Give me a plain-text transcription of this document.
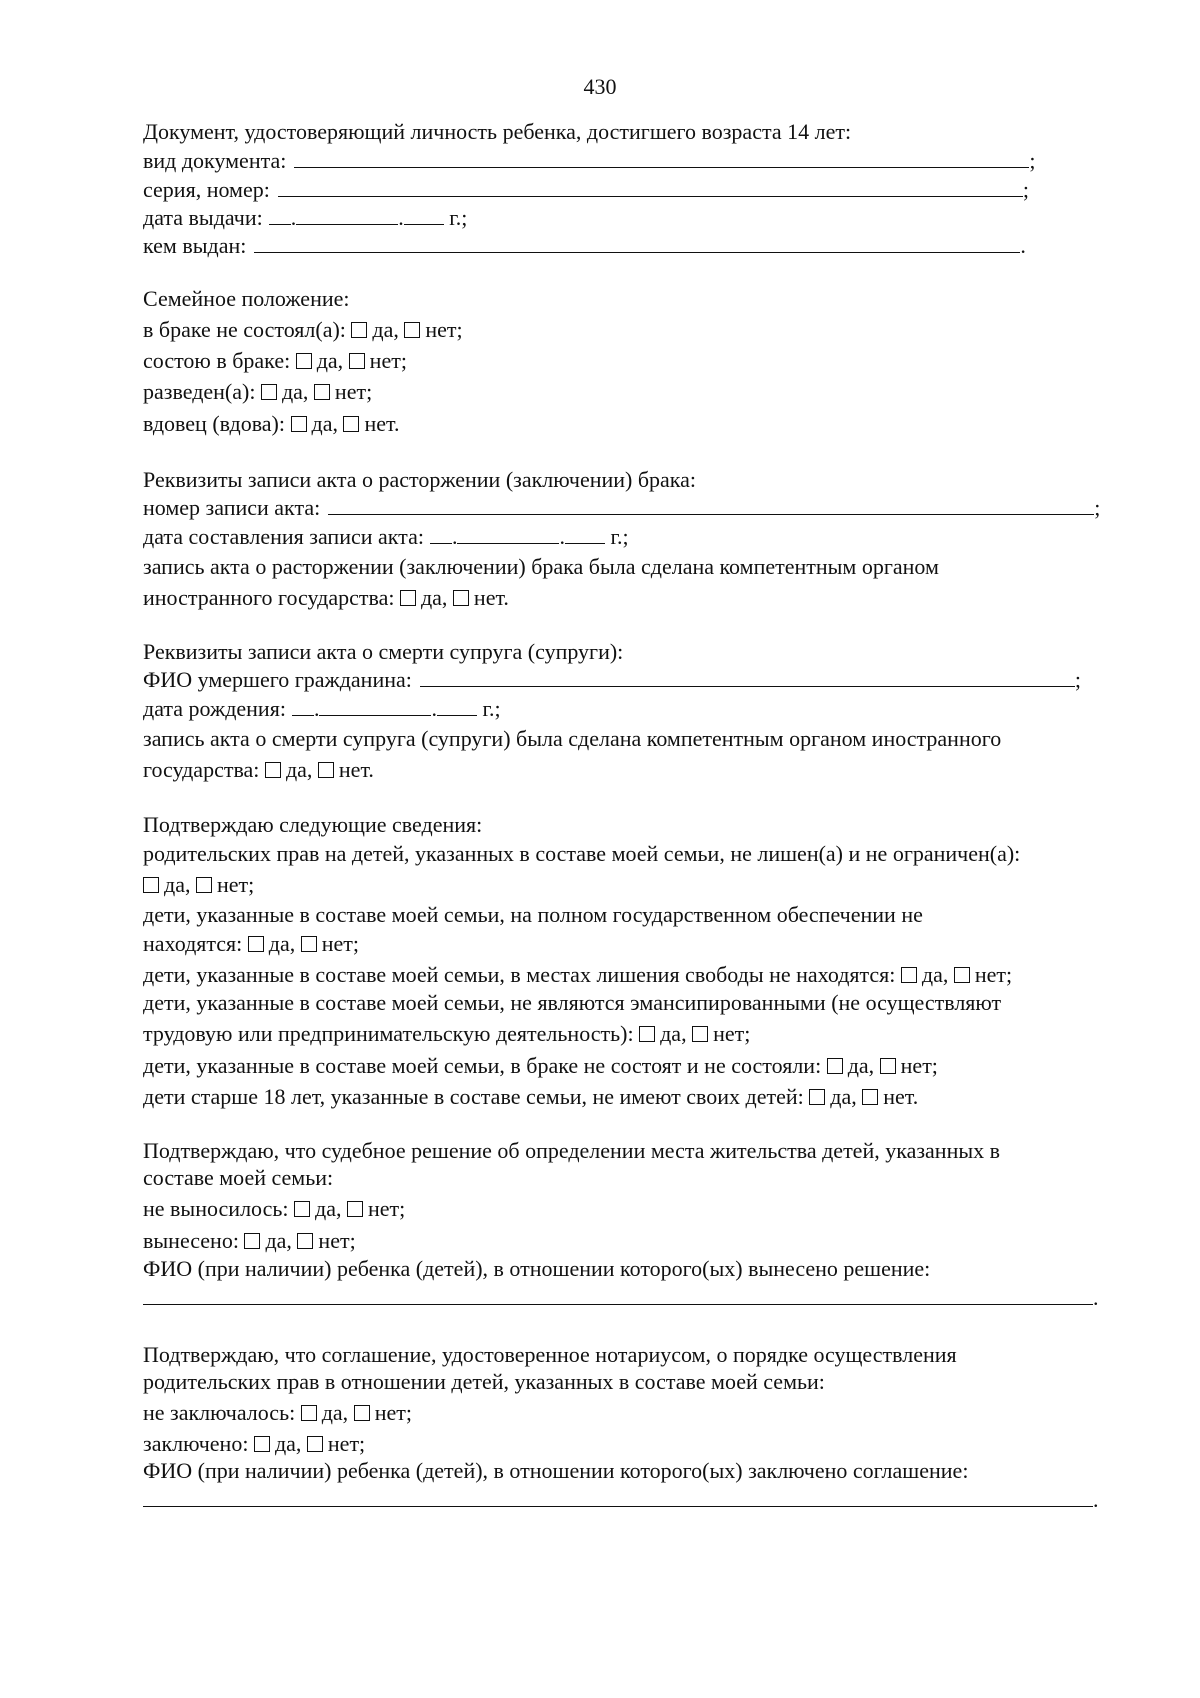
430
Документ, удостоверяющий личность ребенка, достигшего возраста 14 лет:
вид документа:	;
серия, номер:	;
дата выдачи: .	. г.;
кем выдан:	.
Семейное положение:
в браке не состоял(а): да, нет;
состою в браке: да, нет;
разведен(а): да, нет;
вдовец (вдова): да, нет.
Реквизиты записи акта о расторжении (заключении) брака:
номер записи акта:	;
дата составления записи акта: .	. г.;
запись акта о расторжении (заключении) брака была сделана компетентным органом
иностранного государства: да, нет.
Реквизиты записи акта о смерти супруга (супруги):
ФИО умершего гражданина:	;
дата рождения: .	. г.;
запись акта о смерти супруга (супруги) была сделана компетентным органом иностранного
государства: да, нет.
Подтверждаю следующие сведения:
родительских прав на детей, указанных в составе моей семьи, не лишен(а) и не ограничен(а):
да, нет;
дети, указанные в составе моей семьи, на полном государственном обеспечении не
находятся: да, нет;
дети, указанные в составе моей семьи, в местах лишения свободы не находятся: да, нет;
дети, указанные в составе моей семьи, не являются эмансипированными (не осуществляют
трудовую или предпринимательскую деятельность): да, нет;
дети, указанные в составе моей семьи, в браке не состоят и не состояли: да, нет;
дети старше 18 лет, указанные в составе семьи, не имеют своих детей: да, нет.
Подтверждаю, что судебное решение об определении места жительства детей, указанных в
составе моей семьи:
не выносилось: да, нет;
вынесено: да, нет;
ФИО (при наличии) ребенка (детей), в отношении которого(ых) вынесено решение:
.
Подтверждаю, что соглашение, удостоверенное нотариусом, о порядке осуществления
родительских прав в отношении детей, указанных в составе моей семьи:
не заключалось: да, нет;
заключено: да, нет;
ФИО (при наличии) ребенка (детей), в отношении которого(ых) заключено соглашение:
.
